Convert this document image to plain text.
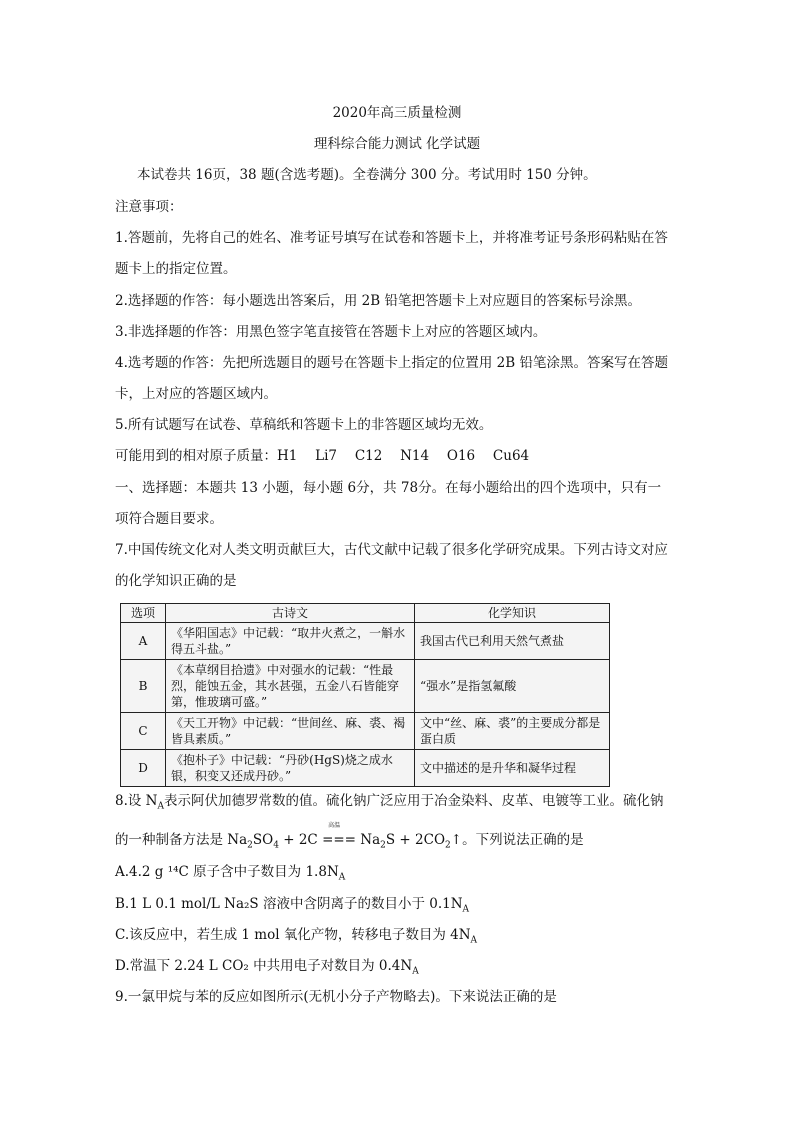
2020年高三质量检测
理科综合能力测试 化学试题
本试卷共 16页，38 题(含选考题)。全卷满分 300 分。考试用时 150 分钟。
注意事项：
1.答题前，先将自己的姓名、准考证号填写在试卷和答题卡上，并将准考证号条形码粘贴在答
题卡上的指定位置。
2.选择题的作答：每小题选出答案后，用 2B 铅笔把答题卡上对应题目的答案标号涂黑。
3.非选择题的作答：用黑色签字笔直接管在答题卡上对应的答题区域内。
4.选考题的作答：先把所选题目的题号在答题卡上指定的位置用 2B 铅笔涂黑。答案写在答题
卡，上对应的答题区域内。
5.所有试题写在试卷、草稿纸和答题卡上的非答题区域均无效。
可能用到的相对原子质量：H1　 Li7　 C12　 N14　 O16　 Cu64
一、选择题：本题共 13 小题，每小题 6分，共 78分。在每小题给出的四个选项中，只有一
项符合题目要求。
7.中国传统文化对人类文明贡献巨大，古代文献中记载了很多化学研究成果。下列古诗文对应
的化学知识正确的是
选项	古诗文	化学知识
A	《华阳国志》中记载：“取井火煮之，一斛水得五斗盐。”	我国古代已利用天然气煮盐
B	《本草纲目拾遗》中对强水的记载：“性最烈，能蚀五金，其水甚强，五金八石皆能穿第，惟玻璃可盛。”	“强水”是指氢氟酸
C	《天工开物》中记载：“世间丝、麻、裘、褐皆具素质。”	文中“丝、麻、裘”的主要成分都是蛋白质
D	《抱朴子》中记载：“丹砂(HgS)烧之成水银，积变又还成丹砂。”	文中描述的是升华和凝华过程
8.设 $N_A$表示阿伏加德罗常数的值。硫化钠广泛应用于冶金染料、皮革、电镀等工业。硫化钠
的一种制备方法是 $Na_2SO_4 + 2C$
高温
=== $Na_2S$ + $2CO_2↑$。下列说法正确的是
A.4.2 g ¹⁴C 原子含中子数目为 $1.8N_A$
B.1 L 0.1 mol/L Na₂S 溶液中含阴离子的数目小于 $0.1N_A$
C.该反应中，若生成 1 mol 氧化产物，转移电子数目为 $4N_A$
D.常温下 2.24 L CO₂ 中共用电子对数目为 $0.4N_A$
9.一氯甲烷与苯的反应如图所示(无机小分子产物略去)。下来说法正确的是
